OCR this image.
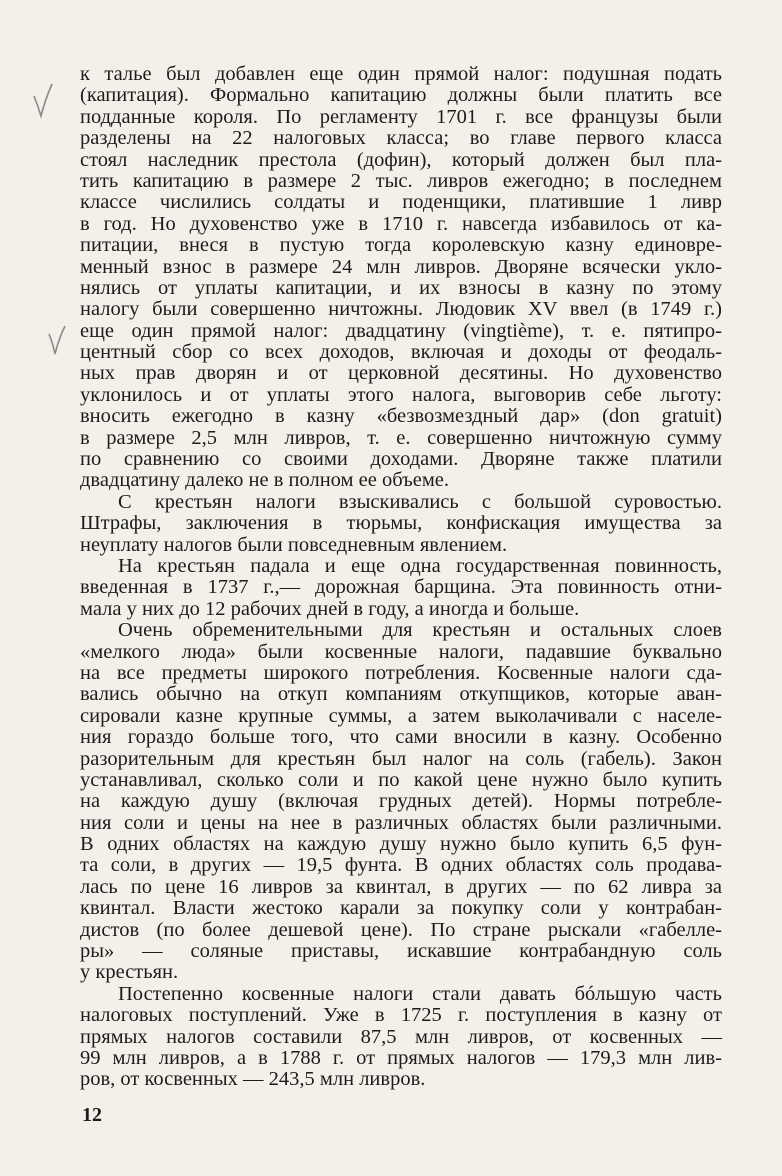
к талье был добавлен еще один прямой налог: подушная подать
(капитация). Формально капитацию должны были платить все
подданные короля. По регламенту 1701 г. все французы были
разделены на 22 налоговых класса; во главе первого класса
стоял наследник престола (дофин), который должен был пла-
тить капитацию в размере 2 тыс. ливров ежегодно; в последнем
классе числились солдаты и поденщики, платившие 1 ливр
в год. Но духовенство уже в 1710 г. навсегда избавилось от ка-
питации, внеся в пустую тогда королевскую казну единовре-
менный взнос в размере 24 млн ливров. Дворяне всячески укло-
нялись от уплаты капитации, и их взносы в казну по этому
налогу были совершенно ничтожны. Людовик XV ввел (в 1749 г.)
еще один прямой налог: двадцатину (vingtième), т. е. пятипро-
центный сбор со всех доходов, включая и доходы от феодаль-
ных прав дворян и от церковной десятины. Но духовенство
уклонилось и от уплаты этого налога, выговорив себе льготу:
вносить ежегодно в казну «безвозмездный дар» (don gratuit)
в размере 2,5 млн ливров, т. е. совершенно ничтожную сумму
по сравнению со своими доходами. Дворяне также платили
двадцатину далеко не в полном ее объеме.
С крестьян налоги взыскивались с большой суровостью.
Штрафы, заключения в тюрьмы, конфискация имущества за
неуплату налогов были повседневным явлением.
На крестьян падала и еще одна государственная повинность,
введенная в 1737 г.,— дорожная барщина. Эта повинность отни-
мала у них до 12 рабочих дней в году, а иногда и больше.
Очень обременительными для крестьян и остальных слоев
«мелкого люда» были косвенные налоги, падавшие буквально
на все предметы широкого потребления. Косвенные налоги сда-
вались обычно на откуп компаниям откупщиков, которые аван-
сировали казне крупные суммы, а затем выколачивали с населе-
ния гораздо больше того, что сами вносили в казну. Особенно
разорительным для крестьян был налог на соль (габель). Закон
устанавливал, сколько соли и по какой цене нужно было купить
на каждую душу (включая грудных детей). Нормы потребле-
ния соли и цены на нее в различных областях были различными.
В одних областях на каждую душу нужно было купить 6,5 фун-
та соли, в других — 19,5 фунта. В одних областях соль продава-
лась по цене 16 ливров за квинтал, в других — по 62 ливра за
квинтал. Власти жестоко карали за покупку соли у контрабан-
дистов (по более дешевой цене). По стране рыскали «габелле-
ры» — соляные приставы, искавшие контрабандную соль
у крестьян.
Постепенно косвенные налоги стали давать бóльшую часть
налоговых поступлений. Уже в 1725 г. поступления в казну от
прямых налогов составили 87,5 млн ливров, от косвенных —
99 млн ливров, а в 1788 г. от прямых налогов — 179,3 млн лив-
ров, от косвенных — 243,5 млн ливров.
12
